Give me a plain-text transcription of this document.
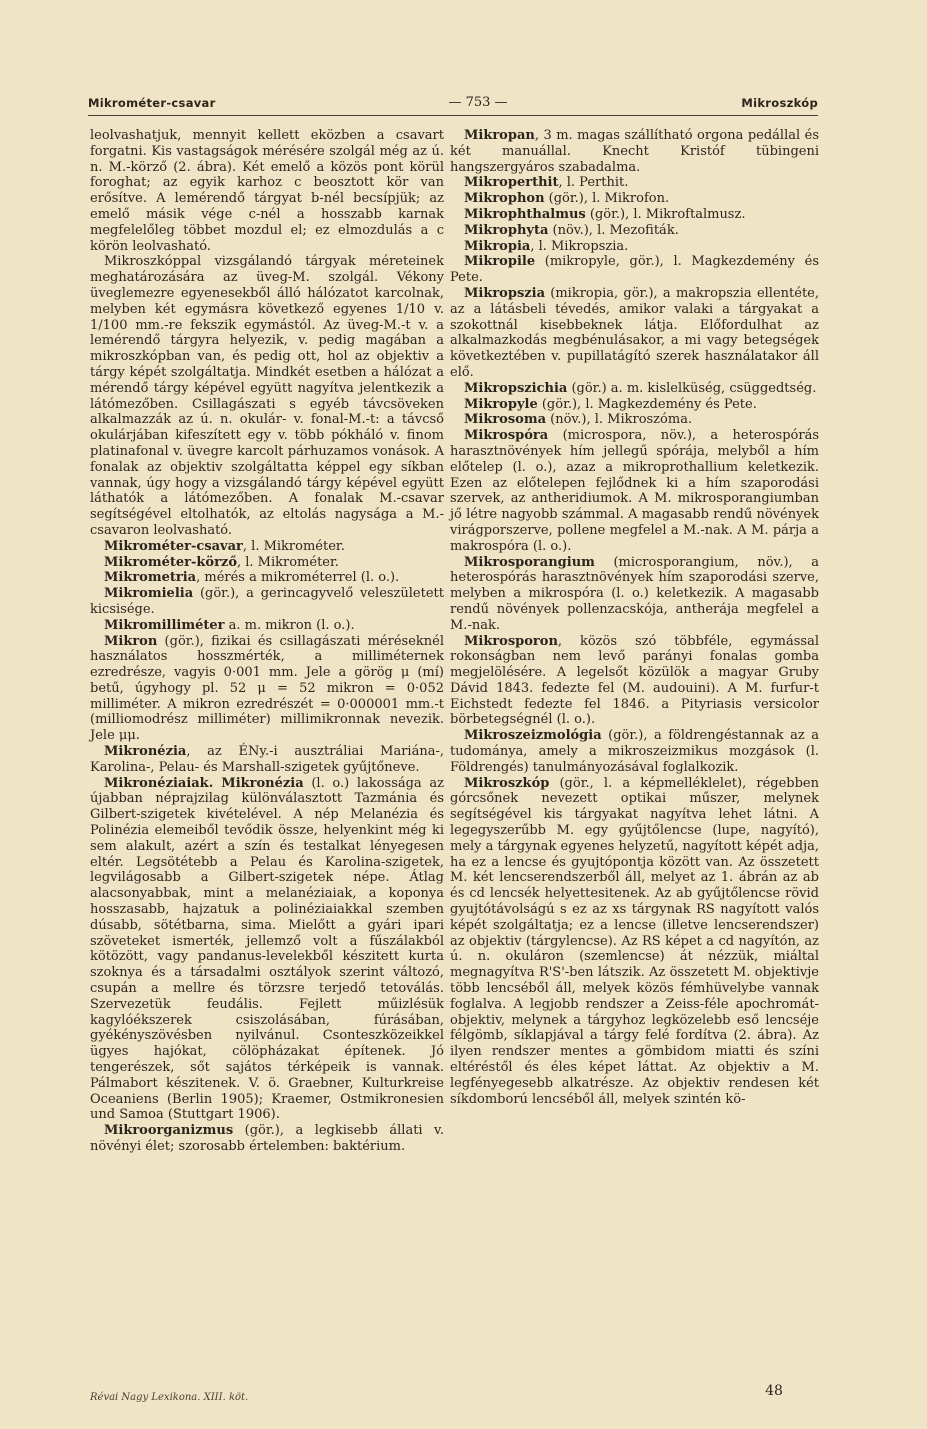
Mikrométer-csavar	— 753 —	Mikroszkóp

leolvashatjuk, mennyit kellett eközben a csavart forgatni. Kis vastagságok mérésére szolgál még az ú. n. M.-körző (2. ábra). Két emelő a közös pont körül foroghat; az egyik karhoz c beosztott kör van erősítve. A lemérendő tárgyat b-nél becsípjük; az emelő másik vége c-nél a hosszabb karnak megfelelőleg többet mozdul el; ez elmozdulás a c körön leolvasható.

Mikroszkóppal vizsgálandó tárgyak méreteinek meghatározására az üveg-M. szolgál. Vékony üveglemezre egyenesekből álló hálózatot karcolnak, melyben két egymásra következő egyenes 1/10 v. 1/100 mm.-re fekszik egymástól. Az üveg-M.-t v. a lemérendő tárgyra helyezik, v. pedig magában a mikroszkópban van, és pedig ott, hol az objektiv a tárgy képét szolgáltatja. Mindkét esetben a hálózat a mérendő tárgy képével együtt nagyítva jelentkezik a látómezőben. Csillagászati s egyéb távcsöveken alkalmazzák az ú. n. okulár- v. fonal-M.-t: a távcső okulárjában kifeszített egy v. több pókháló v. finom platinafonal v. üvegre karcolt párhuzamos vonások. A fonalak az objektiv szolgáltatta képpel egy síkban vannak, úgy hogy a vizsgálandó tárgy képével együtt láthatók a látómezőben. A fonalak M.-csavar segítségével eltolhatók, az eltolás nagysága a M.-csavaron leolvasható.

Mikrométer-csavar, l. Mikrométer.

Mikrométer-körző, l. Mikrométer.

Mikrometria, mérés a mikrométerrel (l. o.).

Mikromielia (gör.), a gerincagyvelő veleszületett kicsisége.

Mikromilliméter a. m. mikron (l. o.).

Mikron (gör.), fizikai és csillagászati méréseknél használatos hosszmérték, a milliméternek ezredrésze, vagyis 0·001 mm. Jele a görög μ (mí) betű, úgyhogy pl. 52 μ = 52 mikron = 0·052 milliméter. A mikron ezredrészét = 0·000001 mm.-t (milliomodrész milliméter) millimikronnak nevezik. Jele μμ.

Mikronézia, az ÉNy.-i ausztráliai Mariána-, Karolina-, Pelau- és Marshall-szigetek gyűjtőneve.

Mikronéziaiak. Mikronézia (l. o.) lakossága az újabban néprajzilag különválasztott Tazmánia és Gilbert-szigetek kivételével. A nép Melanézia és Polinézia elemeiből tevődik össze, helyenkint még ki sem alakult, azért a szín és testalkat lényegesen eltér. Legsötétebb a Pelau és Karolina-szigetek, legvilágosabb a Gilbert-szigetek népe. Átlag alacsonyabbak, mint a melanéziaiak, a koponya hosszasabb, hajzatuk a polinéziaiakkal szemben dúsabb, sötétbarna, sima. Mielőtt a gyári ipari szöveteket ismerték, jellemző volt a fűszálakból kötözött, vagy pandanus-levelekből készitett kurta szoknya és a társadalmi osztályok szerint változó, csupán a mellre és törzsre terjedő tetoválás. Szervezetük feudális. Fejlett műizlésük kagylóékszerek csiszolásában, fúrásában, gyékényszövésben nyilvánul. Csonteszközeikkel ügyes hajókat, cölöpházakat építenek. Jó tengerészek, sőt sajátos térképeik is vannak. Pálmabort készitenek. V. ö. Graebner, Kulturkreise Oceaniens (Berlin 1905); Kraemer, Ostmikronesien und Samoa (Stuttgart 1906).

Mikroorganizmus (gör.), a legkisebb állati v. növényi élet; szorosabb értelemben: baktérium.

Mikropan, 3 m. magas szállítható orgona pedállal és két manuállal. Knecht Kristóf tübingeni hangszergyáros szabadalma.

Mikroperthit, l. Perthit.

Mikrophon (gör.), l. Mikrofon.

Mikrophthalmus (gör.), l. Mikroftalmusz.

Mikrophyta (növ.), l. Mezofiták.

Mikropia, l. Mikropszia.

Mikropile (mikropyle, gör.), l. Magkezdemény és Pete.

Mikropszia (mikropia, gör.), a makropszia ellentéte, az a látásbeli tévedés, amikor valaki a tárgyakat a szokottnál kisebbeknek látja. Előfordulhat az alkalmazkodás megbénulásakor, a mi vagy betegségek következtében v. pupillatágító szerek használatakor áll elő.

Mikropszichia (gör.) a. m. kislelküség, csüggedtség.

Mikropyle (gör.), l. Magkezdemény és Pete.

Mikrosoma (növ.), l. Mikroszóma.

Mikrospóra (microspora, növ.), a heterospórás harasztnövények hím jellegű spórája, melyből a hím előtelep (l. o.), azaz a mikroprothallium keletkezik. Ezen az előtelepen fejlődnek ki a hím szaporodási szervek, az antheridiumok. A M. mikrosporangiumban jő létre nagyobb számmal. A magasabb rendű növények virágporszerve, pollene megfelel a M.-nak. A M. párja a makrospóra (l. o.).

Mikrosporangium (microsporangium, növ.), a heterospórás harasztnövények hím szaporodási szerve, melyben a mikrospóra (l. o.) keletkezik. A magasabb rendű növények pollenzacskója, antherája megfelel a M.-nak.

Mikrosporon, közös szó többféle, egymással rokonságban nem levő parányi fonalas gomba megjelölésére. A legelsőt közülök a magyar Gruby Dávid 1843. fedezte fel (M. audouini). A M. furfur-t Eichstedt fedezte fel 1846. a Pityriasis versicolor börbetegségnél (l. o.).

Mikroszeizmológia (gör.), a földrengéstannak az a tudománya, amely a mikroszeizmikus mozgások (l. Földrengés) tanulmányozásával foglalkozik.

Mikroszkóp (gör., l. a képmelléklelet), régebben górcsőnek nevezett optikai műszer, melynek segítségével kis tárgyakat nagyítva lehet látni. A legegyszerűbb M. egy gyűjtőlencse (lupe, nagyító), mely a tárgynak egyenes helyzetű, nagyított képét adja, ha ez a lencse és gyujtópontja között van. Az összetett M. két lencserendszerből áll, melyet az 1. ábrán az ab és cd lencsék helyettesitenek. Az ab gyűjtőlencse rövid gyujtótávolságú s ez az xs tárgynak RS nagyított valós képét szolgáltatja; ez a lencse (illetve lencserendszer) az objektiv (tárgylencse). Az RS képet a cd nagyítón, az ú. n. okuláron (szemlencse) át nézzük, miáltal megnagyítva R'S'-ben látszik. Az összetett M. objektivje több lencséből áll, melyek közös fémhüvelybe vannak foglalva. A legjobb rendszer a Zeiss-féle apochromát-objektiv, melynek a tárgyhoz legközelebb eső lencséje félgömb, síklapjával a tárgy felé fordítva (2. ábra). Az ilyen rendszer mentes a gömbidom miatti és színi eltéréstől és éles képet láttat. Az objektiv a M. legfényegesebb alkatrésze. Az objektiv rendesen két síkdomború lencséből áll, melyek szintén kö-

Révai Nagy Lexikona. XIII. köt.	48
